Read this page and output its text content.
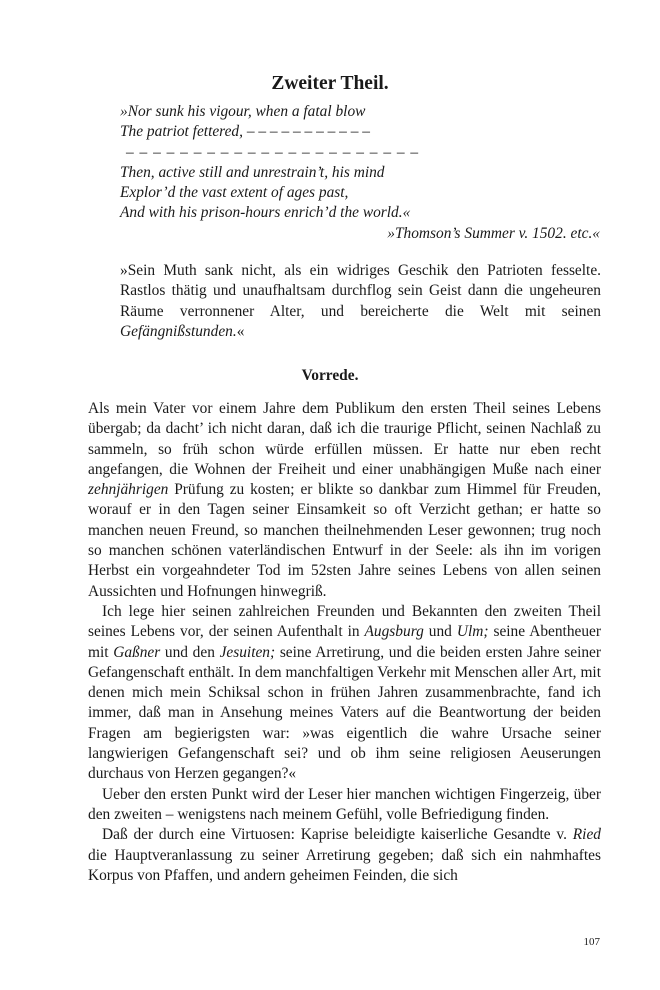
Zweiter Theil.
»Nor sunk his vigour, when a fatal blow
The patriot fettered, – – – – – – – – – – –
– – – – – – – – – – – – – – – – – – – – – –
Then, active still and unrestrain’t, his mind
Explor’d the vast extent of ages past,
And with his prison-hours enrich’d the world.«
»Thomson’s Summer v. 1502. etc.«

»Sein Muth sank nicht, als ein widriges Geschik den Patrioten fesselte. Rastlos thätig und unaufhaltsam durchflog sein Geist dann die ungeheuren Räume verronnener Alter, und bereicherte die Welt mit seinen Gefängnißstunden.«

Vorrede.

Als mein Vater vor einem Jahre dem Publikum den ersten Theil seines Lebens übergab; da dacht’ ich nicht daran, daß ich die traurige Pflicht, seinen Nachlaß zu sammeln, so früh schon würde erfüllen müssen. Er hatte nur eben recht angefangen, die Wohnen der Freiheit und einer unabhängigen Muße nach einer zehnjährigen Prüfung zu kosten; er blikte so dankbar zum Himmel für Freuden, worauf er in den Tagen seiner Einsamkeit so oft Verzicht gethan; er hatte so manchen neuen Freund, so manchen theilnehmenden Leser gewonnen; trug noch so manchen schönen vaterländischen Entwurf in der Seele: als ihn im vorigen Herbst ein vorgeahndeter Tod im 52sten Jahre seines Lebens von allen seinen Aussichten und Hofnungen hinwegriß.

Ich lege hier seinen zahlreichen Freunden und Bekannten den zweiten Theil seines Lebens vor, der seinen Aufenthalt in Augsburg und Ulm; seine Abentheuer mit Gaßner und den Jesuiten; seine Arretirung, und die beiden ersten Jahre seiner Gefangenschaft enthält. In dem manchfaltigen Verkehr mit Menschen aller Art, mit denen mich mein Schiksal schon in frühen Jahren zusammenbrachte, fand ich immer, daß man in Ansehung meines Vaters auf die Beantwortung der beiden Fragen am begierigsten war: »was eigentlich die wahre Ursache seiner langwierigen Gefangenschaft sei? und ob ihm seine religiosen Aeuserungen durchaus von Herzen gegangen?«

Ueber den ersten Punkt wird der Leser hier manchen wichtigen Fingerzeig, über den zweiten – wenigstens nach meinem Gefühl, volle Befriedigung finden.

Daß der durch eine Virtuosen: Kaprise beleidigte kaiserliche Gesandte v. Ried die Hauptveranlassung zu seiner Arretirung gegeben; daß sich ein nahmhaftes Korpus von Pfaffen, und andern geheimen Feinden, die sich

107
